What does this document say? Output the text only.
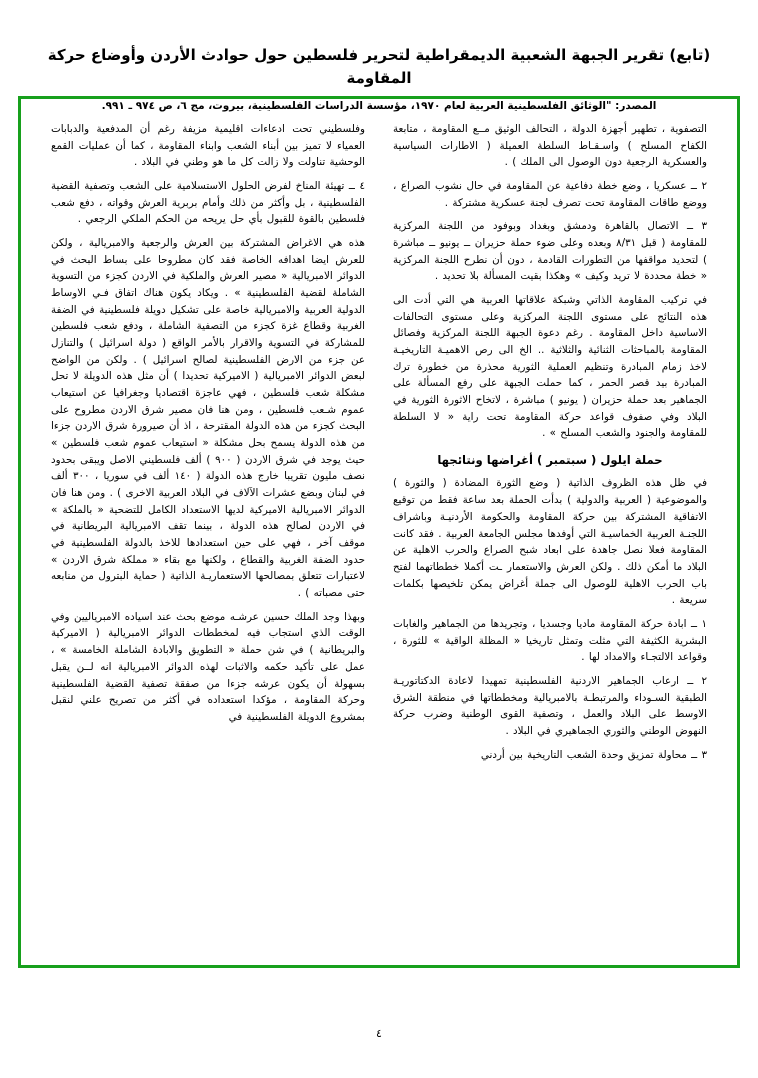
(تابع) تقرير الجبهة الشعبية الديمقراطية لتحرير فلسطين حول حوادث الأردن وأوضاع حركة المقاومة
المصدر: "الوثائق الفلسطينية العربية لعام ١٩٧٠، مؤسسة الدراسات الفلسطينية، بيروت، مج ٦، ص ٩٧٤ ـ ٩٩١.

التصفوية ، تطهير أجهزة الدولة ، التحالف الوثيق مــع المقاومة ، متابعة الكفاح المسلح ) واسـقـاط السلطة العميلة ( الاطارات السياسية والعسكرية الرجعية دون الوصول الى الملك ) .

٢ ــ عسكريا ، وضع خطة دفاعية عن المقاومة في حال نشوب الصراع ، ووضع طاقات المقاومة تحت تصرف لجنة عسكرية مشتركة .

٣ ــ الاتصال بالقاهرة ودمشق وبغداد وبوفود من اللجنة المركزية للمقاومة ( قبل ٨/٣١ وبعده وعلى ضوء حملة حزيران ــ يونيو ــ مباشرة ) لتحديد مواقفها من التطورات القادمة ، دون أن نطرح اللجنة المركزية « خطة محددة لا تريد وكيف » وهكذا بقيت المسألة بلا تحديد .

في تركيب المقاومة الذاتي وشبكة علاقاتها العربية هي التي أدت الى هذه النتائج على مستوى اللجنة المركزية وعلى مستوى التحالفات الاساسية داخل المقاومة . رغم دعوة الجبهة اللجنة المركزية وفصائل المقاومة بالمباحثات الثنائية والثلاثية .. الخ الى رص الاهميـة التاريخيـة لاخذ زمام المبادرة وتنظيم العملية الثورية محذرة من خطورة ترك المبادرة بيد قصر الحمر ، كما حملت الجبهة على رفع المسألة على الجماهير بعد حملة حزيران ( يونيو ) مباشرة ، لاتخاح الاثورة الثورية في البلاد وفي صفوف قواعد حركة المقاومة تحت راية « لا السلطة للمقاومة والجنود والشعب المسلح » .

حملة ايلول ( سبتمبر ) أغراضها ونتائجها

في ظل هذه الظروف الذاتية ( وضع الثورة المضادة ( والثورة ) والموضوعية ( العربية والدولية ) بدأت الحملة بعد ساعة فقط من توقيع الاتفاقية المشتركة بين حركة المقاومة والحكومة الأردنيـة وباشراف اللجنـة العربية الخماسيـة التي أوفدها مجلس الجامعة العربية . فقد كانت المقاومة فعلا نصل جاهدة على ابعاد شبح الصراع والحرب الاهلية عن البلاد ما أمكن ذلك . ولكن العرش والاستعمار ـت أكملا خططاتهما لفتح باب الحرب الاهلية للوصول الى جملة أغراض يمكن تلخيصها بكلمات سريعة .

١ ــ ابادة حركة المقاومة ماديا وجسديا ، وتجريدها من الجماهير والغابات البشرية الكثيفة التي مثلت وتمثل تاريخيا « المظلة الواقية » للثورة ، وقواعد الالتجـاء والامداد لها .

٢ ــ ارعاب الجماهير الاردنية الفلسطينية تمهيدا لاعادة الدكتاتوريـة الطبقية السـوداء والمرتبطـة بالامبريالية ومخططاتها في منطقة الشرق الاوسط على البلاد والعمل ، وتصفية القوى الوطنية وضرب حركة النهوض الوطني والثوري الجماهيري في البلاد .

٣ ــ محاولة تمزيق وحدة الشعب التاريخية بين أردني

وفلسطيني تحت ادعاءات اقليمية مزيفة رغم أن المدفعية والدبابات العمياء لا تميز بين أبناء الشعب وابناء المقاومة ، كما أن عمليات القمع الوحشية تناولت ولا زالت كل ما هو وطني في البلاد .

٤ ــ تهيئة المناخ لفرض الحلول الاستسلامية على الشعب وتصفية القضية الفلسطينية ، بل وأكثر من ذلك وأمام بربرية العرش وقواته ، دفع شعب فلسطين بالقوة للقبول بأي حل يريحه من الحكم الملكي الرجعي .

هذه هي الاغراض المشتركة بين العرش والرجعية والامبريالية ، ولكن للعرش ايضا اهدافه الخاصة فقد كان مطروحا على بساط البحث في الدوائر الامبريالية « مصير العرش والملكية في الاردن كجزء من التسوية الشاملة لقضية الفلسطينية » . ويكاد يكون هناك اتفاق فـي الاوساط الدولية العربية والامبريالية خاصة على تشكيل دويلة فلسطينية في الضفة الغربية وقطاع غزة كجزء من التصفية الشاملة ، ودفع شعب فلسطين للمشاركة في التسوية والاقرار بالأمر الواقع ( دولة اسرائيل ) والتنازل عن جزء من الارض الفلسطينية لصالح اسرائيل ) . ولكن من الواضح لبعض الدوائر الامبريالية ( الاميركية تحديدا ) أن مثل هذه الدويلة لا تحل مشكلة شعب فلسطين ، فهي عاجزة اقتصاديا وجغرافيا عن استيعاب عموم شـعب فلسطين ، ومن هنا فان مصير شرق الاردن مطروح على البحث كجزء من هذه الدولة المقترحة ، اذ أن صيرورة شرق الاردن جزءا من هذه الدولة يسمح بحل مشكلة « استيعاب عموم شعب فلسطين » حيث يوجد في شرق الاردن ( ٩٠٠ ) ألف فلسطيني الاصل ويبقى بحدود نصف مليون تقريبا خارج هذه الدولة ( ١٤٠ ألف في سوريا ، ٣٠٠ ألف في لبنان وبضع عشرات الآلاف في البلاد العربية الاخرى ) . ومن هنا فان الدوائر الامبريالية الاميركية لديها الاستعداد الكامل للتضحية « بالملكة » في الاردن لصالح هذه الدولة ، بينما تقف الامبريالية البريطانية في موقف آخر ، فهي على حين استعدادها للاخذ بالدولة الفلسطينية في حدود الضفة الغربية والقطاع ، ولكنها مع بقاء « مملكة شرق الاردن » لاعتبارات تتعلق بمصالحها الاستعماريـة الذاتية ( حماية البترول من منابعه حتى مصباته ) .

وبهذا وجد الملك حسين عرشـه موضع بحث عند اسياده الامبرياليين وفي الوقت الذي استجاب فيه لمخططات الدوائر الامبريالية ( الاميركية والبريطانية ) في شن حملة « التطويق والابادة الشاملة الخامسة » ، عمل على تأكيد حكمه والاثبات لهذه الدوائر الامبريالية انه لــن يقبل بسهولة أن يكون عرشه جزءا من صفقة تصفية القضية الفلسطينية وحركة المقاومة ، مؤكدا استعداده في أكثر من تصريح علني لنقبل بمشروع الدويلة الفلسطينية في

٤
